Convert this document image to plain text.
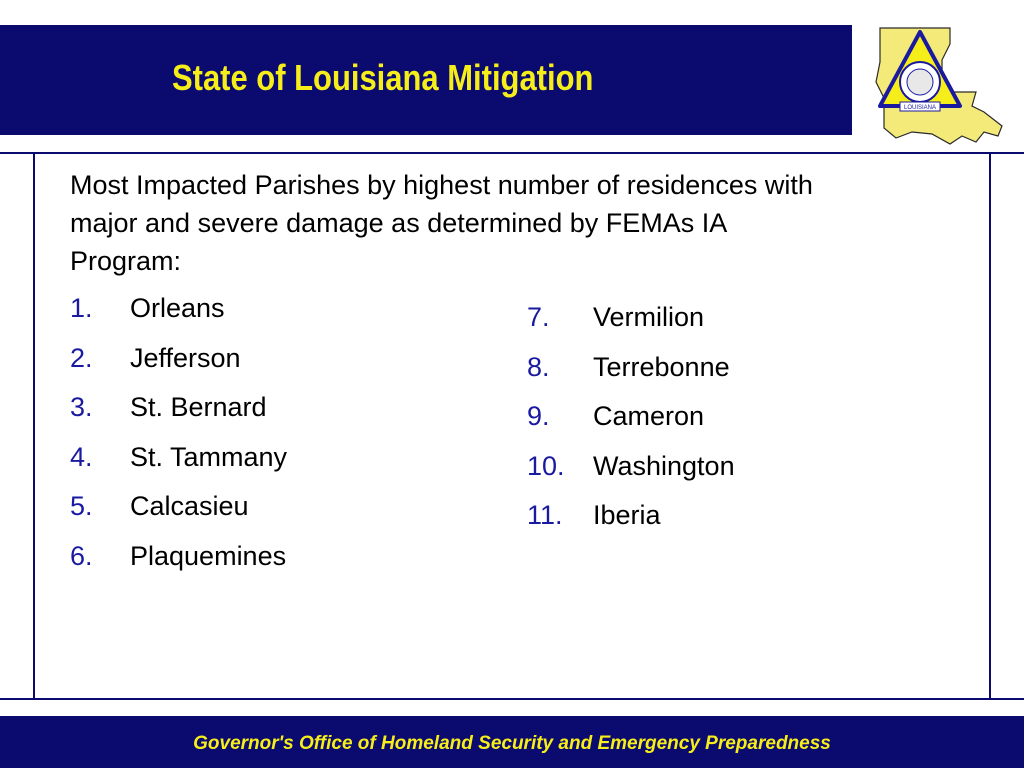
State of Louisiana Mitigation
LOUISIANA

Most Impacted Parishes by highest number of residences with major and severe damage as determined by FEMAs IA Program:

1.	Orleans
2.	Jefferson
3.	St. Bernard
4.	St. Tammany
5.	Calcasieu
6.	Plaquemines
7.	Vermilion
8.	Terrebonne
9.	Cameron
10.	Washington
11.	Iberia

Governor's Office of Homeland Security and Emergency Preparedness
